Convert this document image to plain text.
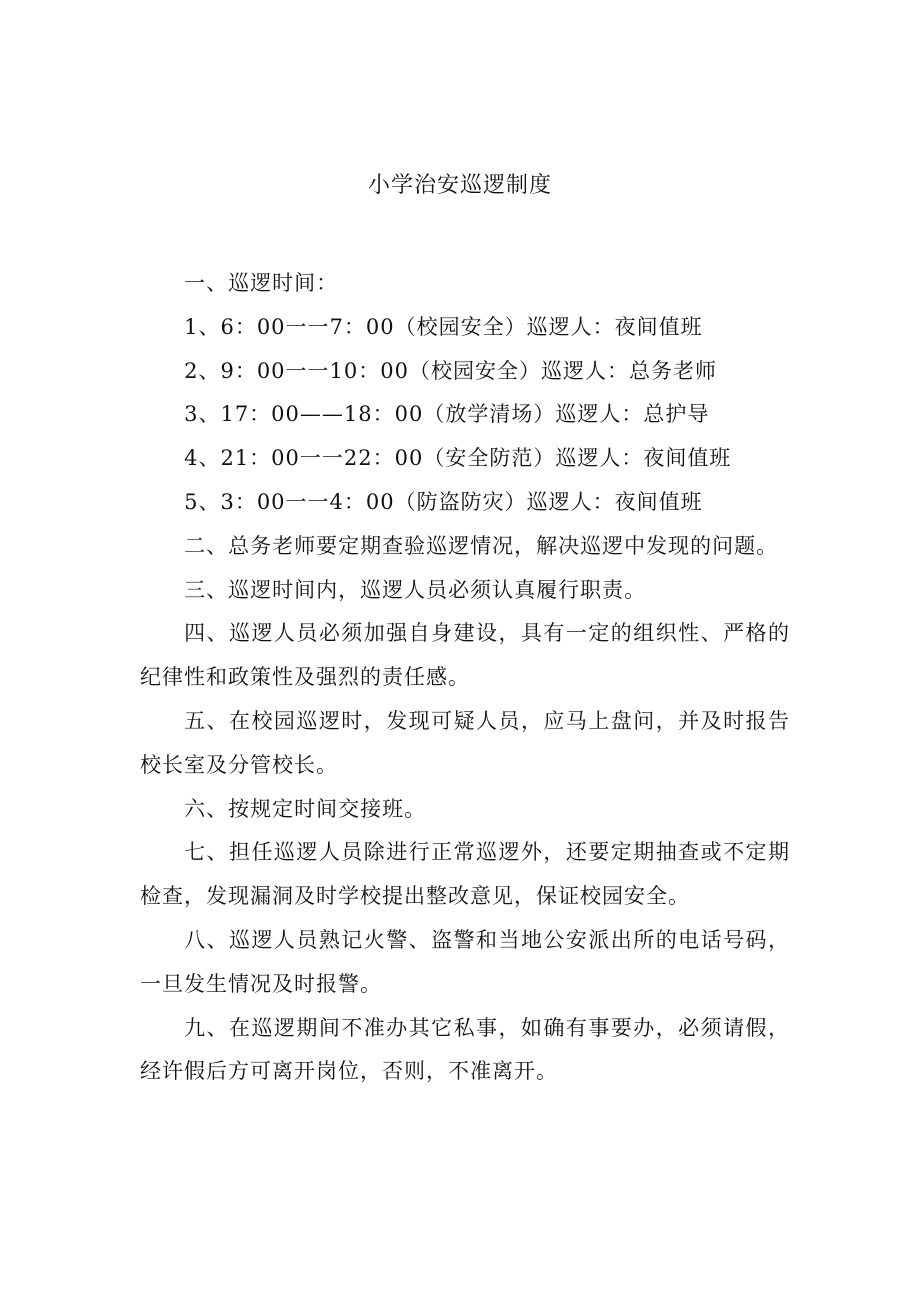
小学治安巡逻制度

一、巡逻时间：

1、6：00一一7：00（校园安全）巡逻人：夜间值班

2、9：00一一10：00（校园安全）巡逻人：总务老师

3、17：00——18：00（放学清场）巡逻人：总护导

4、21：00一一22：00（安全防范）巡逻人：夜间值班

5、3：00一一4：00（防盗防灾）巡逻人：夜间值班

二、总务老师要定期查验巡逻情况，解决巡逻中发现的问题。

三、巡逻时间内，巡逻人员必须认真履行职责。

四、巡逻人员必须加强自身建设，具有一定的组织性、严格的纪律性和政策性及强烈的责任感。

五、在校园巡逻时，发现可疑人员，应马上盘问，并及时报告校长室及分管校长。

六、按规定时间交接班。

七、担任巡逻人员除进行正常巡逻外，还要定期抽查或不定期检查，发现漏洞及时学校提出整改意见，保证校园安全。

八、巡逻人员熟记火警、盗警和当地公安派出所的电话号码，一旦发生情况及时报警。

九、在巡逻期间不准办其它私事，如确有事要办，必须请假，经许假后方可离开岗位，否则，不准离开。
